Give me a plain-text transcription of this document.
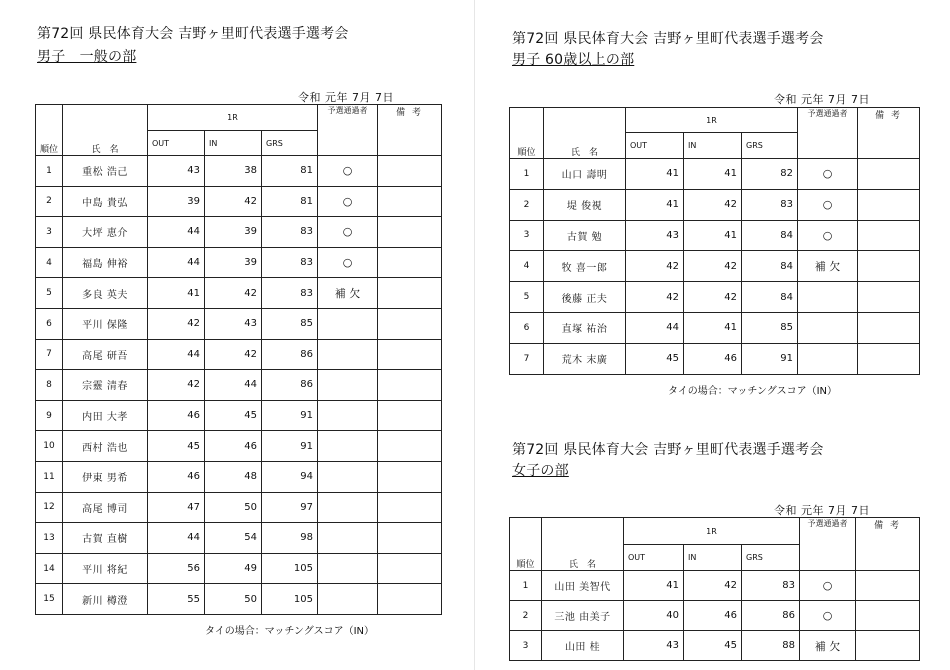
第72回 県民体育大会 吉野ヶ里町代表選手選考会
男子　一般の部
令和 元年 7月 7日
順位	氏　名	1R			予選通過者	備 考
		OUT	IN	GRS		
1	重松 浩己	43	38	81	○	
2	中島 貴弘	39	42	81	○	
3	大坪 恵介	44	39	83	○	
4	福島 伸裕	44	39	83	○	
5	多良 英夫	41	42	83	補 欠	
6	平川 保隆	42	43	85		
7	高尾 研吾	44	42	86		
8	宗靈 清春	42	44	86		
9	内田 大孝	46	45	91		
10	西村 浩也	45	46	91		
11	伊東 男希	46	48	94		
12	高尾 博司	47	50	97		
13	古賀 直樹	44	54	98		
14	平川 将紀	56	49	105		
15	新川 樽澄	55	50	105		
タイの場合：マッチングスコア（IN）
第72回 県民体育大会 吉野ヶ里町代表選手選考会
男子 60歳以上の部
令和 元年 7月 7日
順位	氏　名	1R			予選通過者	備 考
		OUT	IN	GRS		
1	山口 壽明	41	41	82	○	
2	堤 俊視	41	42	83	○	
3	古賀 勉	43	41	84	○	
4	牧 喜一郎	42	42	84	補 欠	
5	後藤 正夫	42	42	84		
6	直塚 祐治	44	41	85		
7	荒木 末廣	45	46	91		
タイの場合：マッチングスコア（IN）
第72回 県民体育大会 吉野ヶ里町代表選手選考会
女子の部
令和 元年 7月 7日
順位	氏　名	1R			予選通過者	備 考
		OUT	IN	GRS		
1	山田 美智代	41	42	83	○	
2	三池 由美子	40	46	86	○	
3	山田 桂	43	45	88	補 欠	
